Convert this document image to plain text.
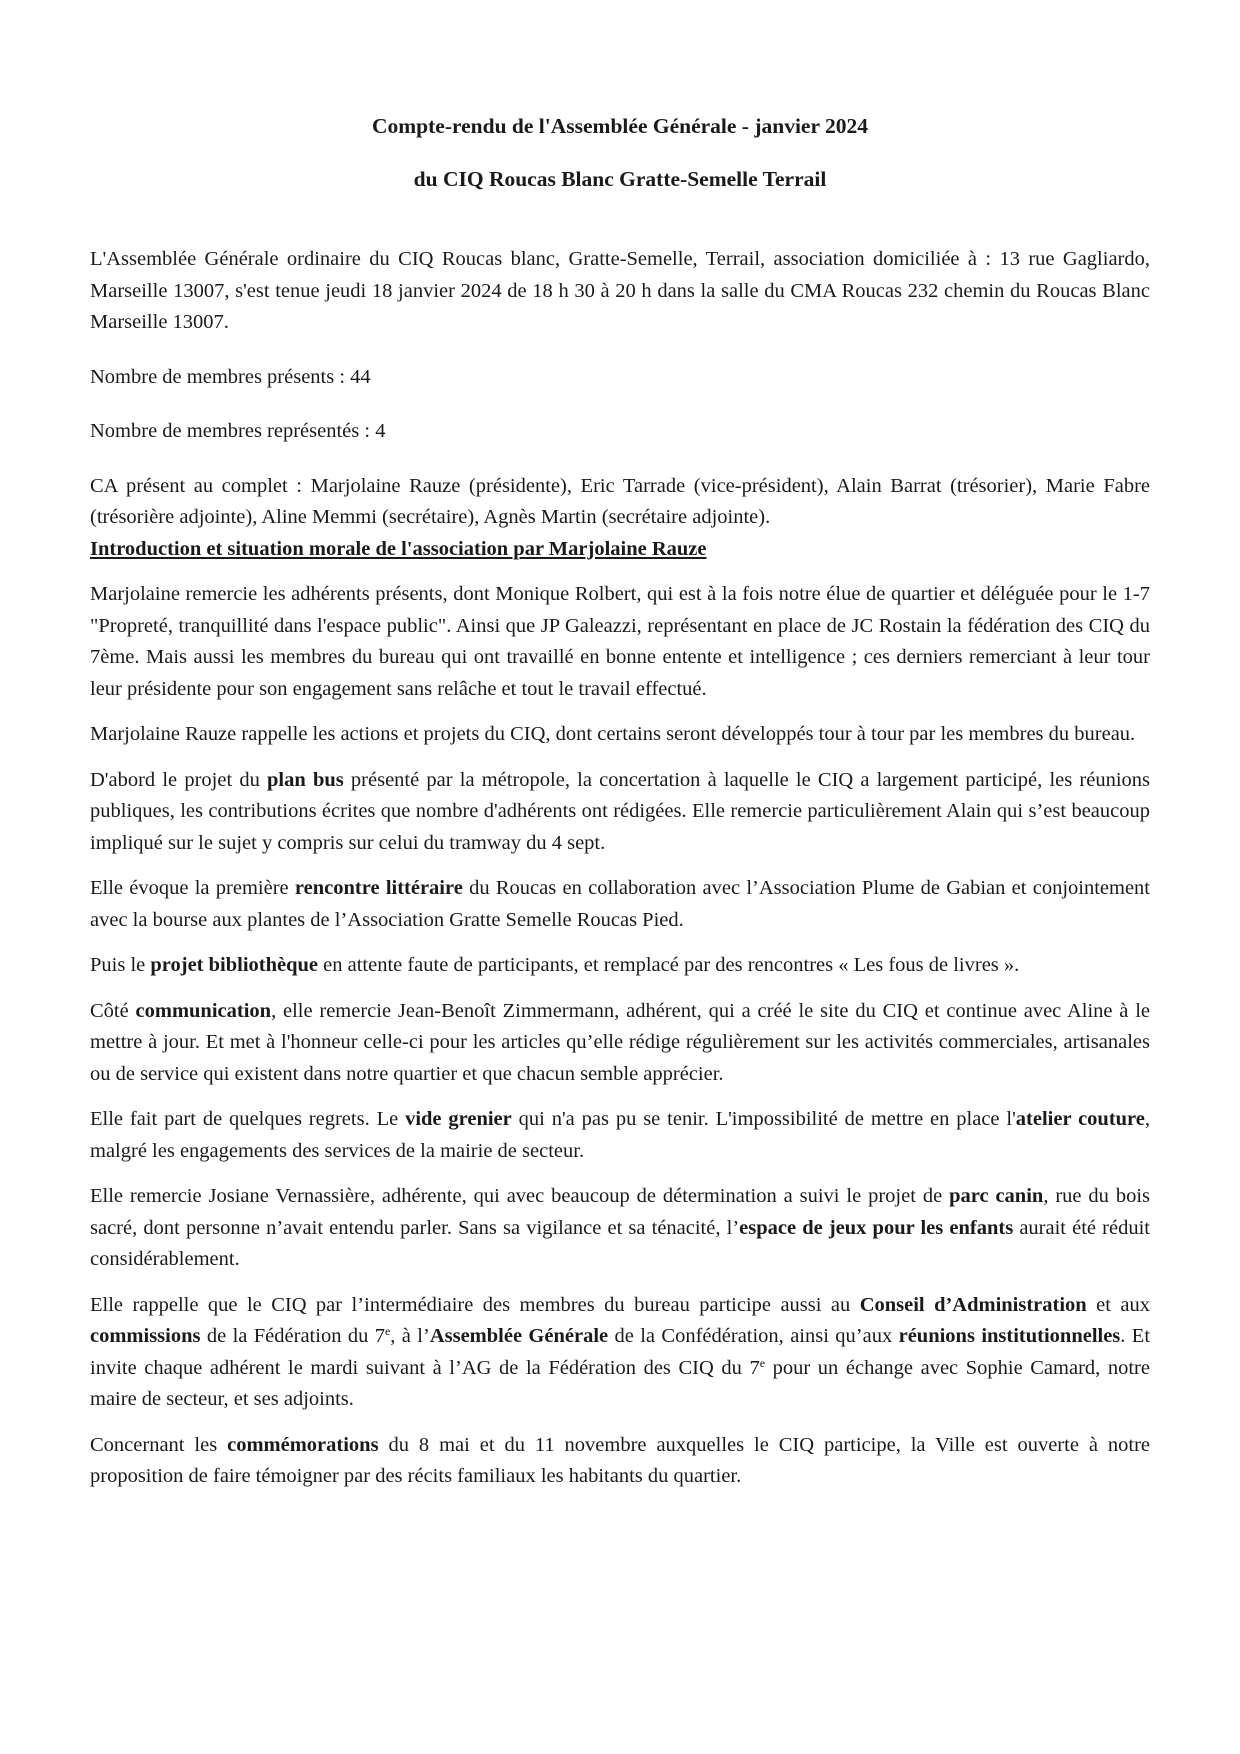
Compte-rendu de l'Assemblée Générale - janvier 2024
du CIQ Roucas Blanc Gratte-Semelle Terrail

L'Assemblée Générale ordinaire du CIQ Roucas blanc, Gratte-Semelle, Terrail, association domiciliée à : 13 rue Gagliardo, Marseille 13007, s'est tenue jeudi 18 janvier 2024 de 18 h 30 à 20 h dans la salle du CMA Roucas 232 chemin du Roucas Blanc Marseille 13007.

Nombre de membres présents : 44

Nombre de membres représentés : 4

CA présent au complet : Marjolaine Rauze (présidente), Eric Tarrade (vice-président), Alain Barrat (trésorier), Marie Fabre (trésorière adjointe), Aline Memmi (secrétaire), Agnès Martin (secrétaire adjointe).

Introduction et situation morale de l'association par Marjolaine Rauze

Marjolaine remercie les adhérents présents, dont Monique Rolbert, qui est à la fois notre élue de quartier et déléguée pour le 1-7 "Propreté, tranquillité dans l'espace public". Ainsi que JP Galeazzi, représentant en place de JC Rostain la fédération des CIQ du 7ème. Mais aussi les membres du bureau qui ont travaillé en bonne entente et intelligence ; ces derniers remerciant à leur tour leur présidente pour son engagement sans relâche et tout le travail effectué.

Marjolaine Rauze rappelle les actions et projets du CIQ, dont certains seront développés tour à tour par les membres du bureau.

D'abord le projet du plan bus présenté par la métropole, la concertation à laquelle le CIQ a largement participé, les réunions publiques, les contributions écrites que nombre d'adhérents ont rédigées. Elle remercie particulièrement Alain qui s’est beaucoup impliqué sur le sujet y compris sur celui du tramway du 4 sept.

Elle évoque la première rencontre littéraire du Roucas en collaboration avec l’Association Plume de Gabian et conjointement avec la bourse aux plantes de l’Association Gratte Semelle Roucas Pied.

Puis le projet bibliothèque en attente faute de participants, et remplacé par des rencontres « Les fous de livres ».

Côté communication, elle remercie Jean-Benoît Zimmermann, adhérent, qui a créé le site du CIQ et continue avec Aline à le mettre à jour. Et met à l'honneur celle-ci pour les articles qu’elle rédige régulièrement sur les activités commerciales, artisanales ou de service qui existent dans notre quartier et que chacun semble apprécier.

Elle fait part de quelques regrets. Le vide grenier qui n'a pas pu se tenir. L'impossibilité de mettre en place l'atelier couture, malgré les engagements des services de la mairie de secteur.

Elle remercie Josiane Vernassière, adhérente, qui avec beaucoup de détermination a suivi le projet de parc canin, rue du bois sacré, dont personne n’avait entendu parler. Sans sa vigilance et sa ténacité, l’espace de jeux pour les enfants aurait été réduit considérablement.

Elle rappelle que le CIQ par l’intermédiaire des membres du bureau participe aussi au Conseil d’Administration et aux commissions de la Fédération du 7e, à l’Assemblée Générale de la Confédération, ainsi qu’aux réunions institutionnelles. Et invite chaque adhérent le mardi suivant à l’AG de la Fédération des CIQ du 7e pour un échange avec Sophie Camard, notre maire de secteur, et ses adjoints.

Concernant les commémorations du 8 mai et du 11 novembre auxquelles le CIQ participe, la Ville est ouverte à notre proposition de faire témoigner par des récits familiaux les habitants du quartier.
